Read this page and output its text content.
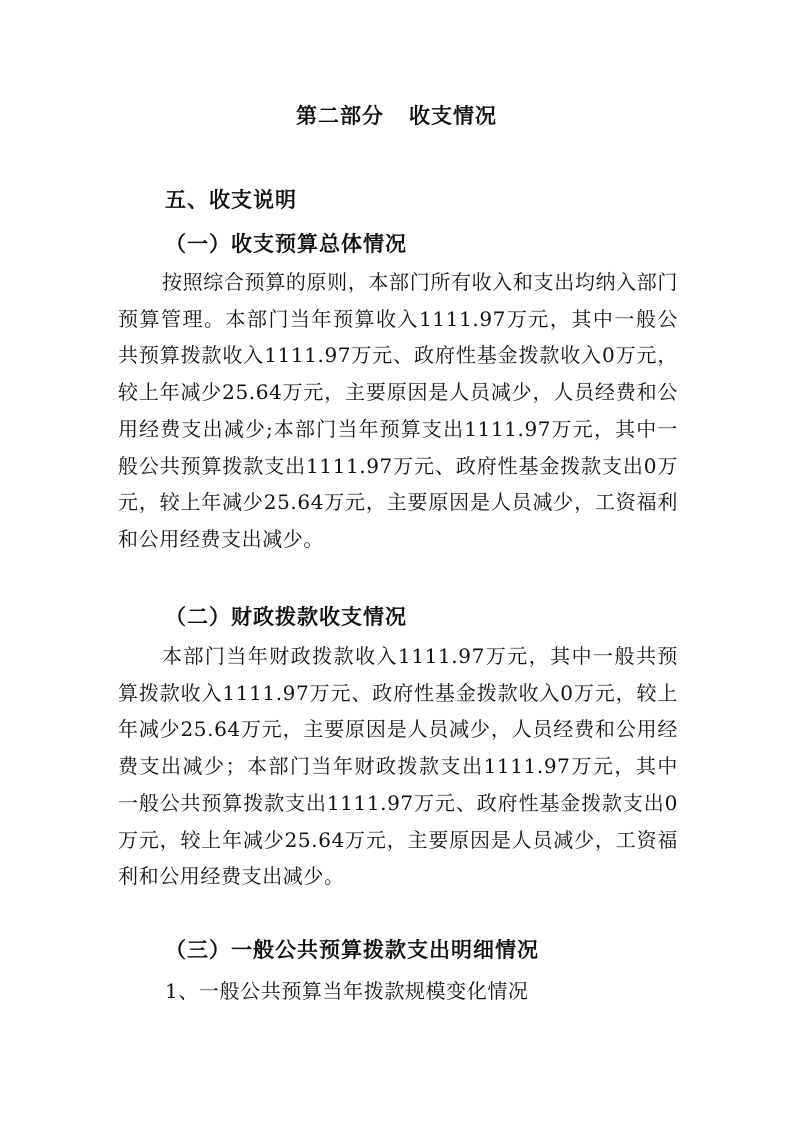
第二部分   收支情况
五、收支说明
（一）收支预算总体情况
按照综合预算的原则，本部门所有收入和支出均纳入部门预算管理。本部门当年预算收入1111.97万元，其中一般公共预算拨款收入1111.97万元、政府性基金拨款收入0万元，较上年减少25.64万元，主要原因是人员减少，人员经费和公用经费支出减少;本部门当年预算支出1111.97万元，其中一般公共预算拨款支出1111.97万元、政府性基金拨款支出0万元，较上年减少25.64万元，主要原因是人员减少，工资福利和公用经费支出减少。
（二）财政拨款收支情况
本部门当年财政拨款收入1111.97万元，其中一般共预算拨款收入1111.97万元、政府性基金拨款收入0万元，较上年减少25.64万元，主要原因是人员减少，人员经费和公用经费支出减少；本部门当年财政拨款支出1111.97万元，其中一般公共预算拨款支出1111.97万元、政府性基金拨款支出0万元，较上年减少25.64万元，主要原因是人员减少，工资福利和公用经费支出减少。
（三）一般公共预算拨款支出明细情况
1、一般公共预算当年拨款规模变化情况
